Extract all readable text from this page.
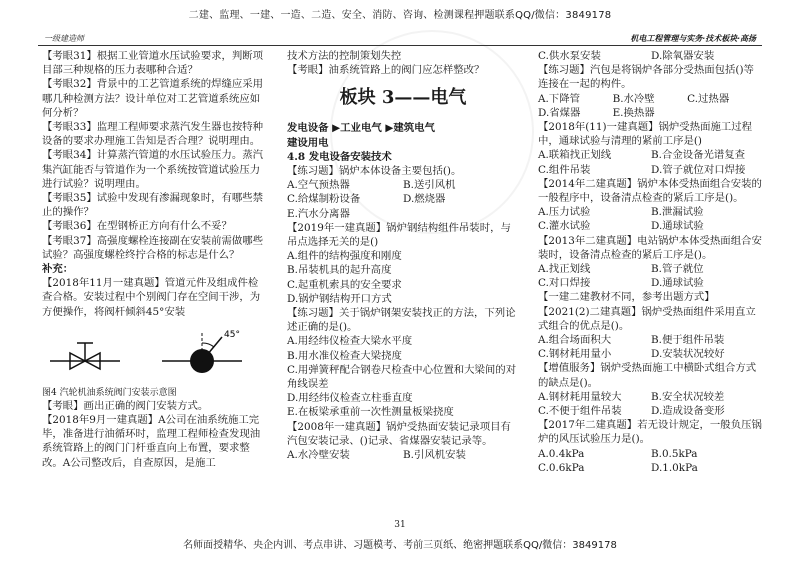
二建、监理、一建、一造、二造、安全、消防、咨询、检测课程押题联系QQ/微信：3849178
一级建造师	机电工程管理与实务·技术板块·高扬

【考眼31】根据工业管道水压试验要求，判断项目部三种规格的压力表哪种合适？

【考眼32】背景中的工艺管道系统的焊缝应采用哪几种检测方法？设计单位对工艺管道系统应如何分析？

【考眼33】监理工程师要求蒸汽发生器也按特种设备的要求办理施工告知是否合理？说明理由。

【考眼34】计算蒸汽管道的水压试验压力。蒸汽集汽缸能否与管道作为一个系统按管道试验压力进行试验？说明理由。

【考眼35】试验中发现有渗漏现象时，有哪些禁止的操作？

【考眼36】在型钢桥正方向有什么不妥？

【考眼37】高强度螺栓连接副在安装前需做哪些试验？高强度螺栓终拧合格的标志是什么？

补充：

【2018年11月一建真题】管道元件及组成件检查合格。安装过程中个别阀门存在空间干涉，为方便操作，将阀杆倾斜45°安装

45°

图4 汽轮机油系统阀门安装示意图

【考眼】画出正确的阀门安装方式。

【2018年9月一建真题】A公司在油系统施工完毕，准备进行油循环时，监理工程师检查发现油系统管路上的阀门门杆垂直向上布置，要求整改。A公司整改后，自查原因，是施工

技术方法的控制策划失控

【考眼】油系统管路上的阀门应怎样整改？

板块 3——电气

发电设备 ▶工业电气 ▶建筑电气

建设用电

4.8 发电设备安装技术

【练习题】锅炉本体设备主要包括()。

A.空气预热器	B.送引风机
C.给煤制粉设备	D.燃烧器
E.汽水分离器

【2019年一建真题】锅炉钢结构组件吊装时，与吊点选择无关的是()

A.组件的结构强度和刚度

B.吊装机具的起升高度

C.起重机索具的安全要求

D.锅炉钢结构开口方式

【练习题】关于锅炉钢架安装找正的方法，下列论述正确的是()。

A.用经纬仪检查大梁水平度

B.用水准仪检查大梁挠度

C.用弹簧秤配合钢卷尺检查中心位置和大梁间的对角线误差

D.用经纬仪检查立柱垂直度

E.在板梁承重前一次性测量板梁挠度

【2008年一建真题】锅炉受热面安装记录项目有汽包安装记录、()记录、省煤器安装记录等。

A.水冷壁安装	B.引风机安装
C.供水泵安装	D.除氧器安装

【练习题】汽包是将锅炉各部分受热面包括()等连接在一起的构件。

A.下降管	B.水冷壁	C.过热器
D.省煤器	E.换热器

【2018年(11)一建真题】锅炉受热面施工过程中，通球试验与清理的紧前工序是()

A.联箱找正划线	B.合金设备光谱复查
C.组件吊装	D.管子就位对口焊接

【2014年二建真题】锅炉本体受热面组合安装的一般程序中，设备清点检查的紧后工序是()。

A.压力试验	B.泄漏试验
C.灌水试验	D.通球试验

【2013年二建真题】电站锅炉本体受热面组合安装时，设备清点检查的紧后工序是()。

A.找正划线	B.管子就位
C.对口焊接	D.通球试验

【一建二建教材不同，参考出题方式】

【2021(2)二建真题】锅炉受热面组件采用直立式组合的优点是()。

A.组合场面积大	B.便于组件吊装
C.钢材耗用量小	D.安装状况较好

【增值服务】锅炉受热面施工中横卧式组合方式的缺点是()。

A.钢材耗用量较大	B.安全状况较差
C.不便于组件吊装	D.造成设备变形

【2017年二建真题】若无设计规定，一般负压锅炉的风压试验压力是()。

A.0.4kPa	B.0.5kPa
C.0.6kPa	D.1.0kPa
31
名师面授精华、央企内训、考点串讲、习题模考、考前三页纸、绝密押题联系QQ/微信：3849178
